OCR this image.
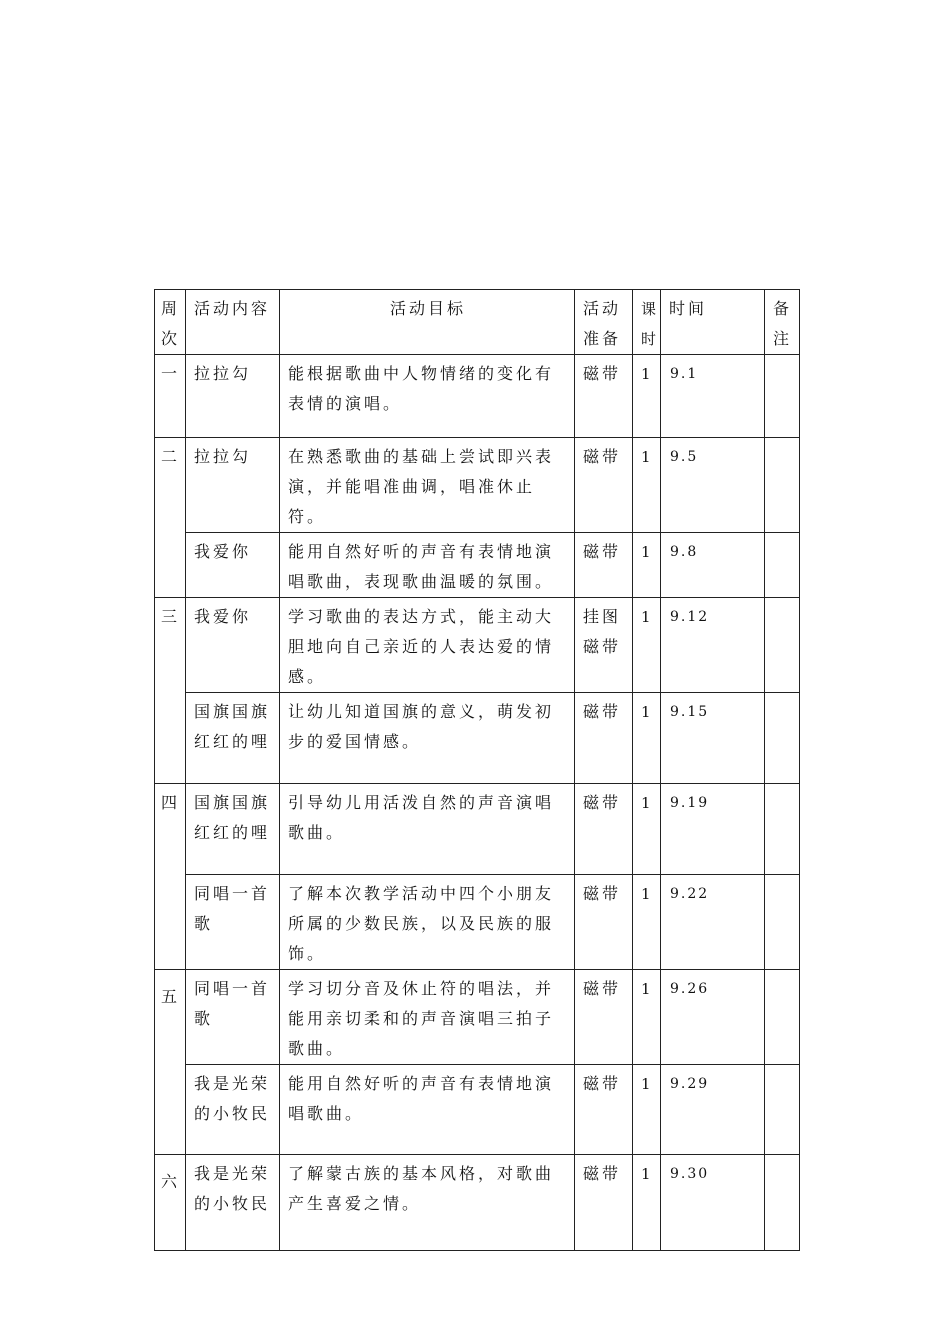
周次	活动内容	活动目标	活动准备	课时	时间	备注
一	拉拉勾	能根据歌曲中人物情绪的变化有表情的演唱。	磁带	1	9.1	
二	拉拉勾	在熟悉歌曲的基础上尝试即兴表演，并能唱准曲调，唱准休止符。	磁带	1	9.5	
	我爱你	能用自然好听的声音有表情地演唱歌曲，表现歌曲温暖的氛围。	磁带	1	9.8	
三	我爱你	学习歌曲的表达方式，能主动大胆地向自己亲近的人表达爱的情感。	挂图磁带	1	9.12	
	国旗国旗红红的哩	让幼儿知道国旗的意义，萌发初步的爱国情感。	磁带	1	9.15	
四	国旗国旗红红的哩	引导幼儿用活泼自然的声音演唱歌曲。	磁带	1	9.19	
	同唱一首歌	了解本次教学活动中四个小朋友所属的少数民族，以及民族的服饰。	磁带	1	9.22	

五	同唱一首歌	学习切分音及休止符的唱法，并能用亲切柔和的声音演唱三拍子歌曲。	磁带	1	9.26	
	我是光荣的小牧民	能用自然好听的声音有表情地演唱歌曲。	磁带	1	9.29	

六	我是光荣的小牧民	了解蒙古族的基本风格，对歌曲产生喜爱之情。	磁带	1	9.30	
